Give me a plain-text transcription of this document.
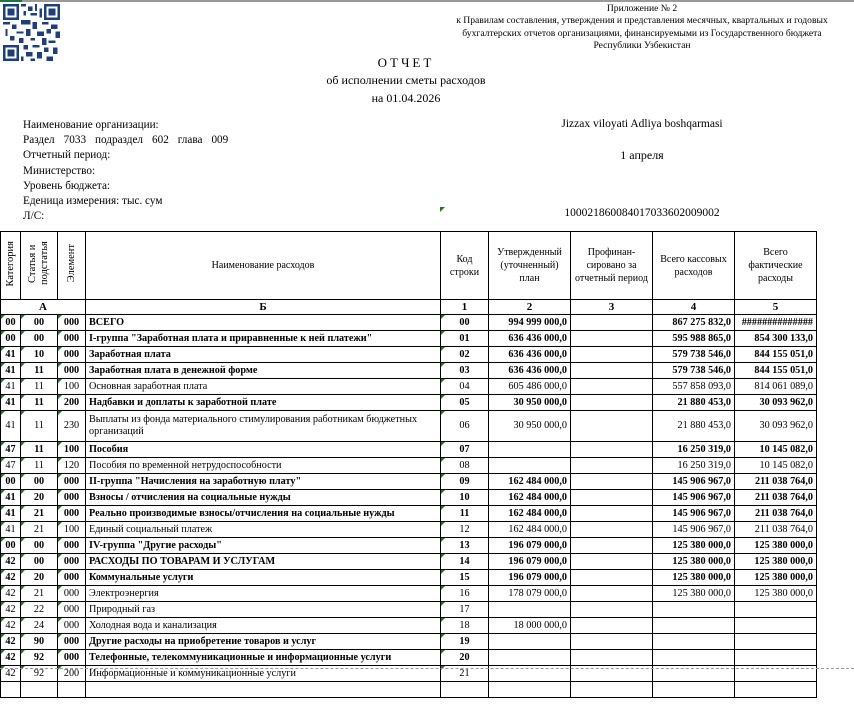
Приложение № 2
к Правилам составления, утверждения и представления месячных, квартальных и годовых
бухгалтерских отчетов организациями, финансируемыми из Государственного бюджета
Республики Узбекистан
ОТЧЕТ
об исполнении сметы расходов
на 01.04.2026
Наименование организации:
Раздел 7033 подраздел 602 глава 009
Отчетный период:
Министерство:
Уровень бюджета:
Еденица измерения: тыс. сум
Л/С:
Jizzax viloyati Adliya boshqarmasi
1 апреля
100021860084017033602009002
Категория	Статья и подстатья	Элемент	Наименование расходов	Код строки	Утвержденный (уточненный) план	Профинан-сировано за отчетный период	Всего кассовых расходов	Всего фактические расходы
А			Б	1	2	3	4	5
00	00	000	ВСЕГО	00	994 999 000,0		867 275 832,0	##############
00	00	000	I-группа "Заработная плата и приравненные к ней платежи"	01	636 436 000,0		595 988 865,0	854 300 133,0
41	10	000	Заработная плата	02	636 436 000,0		579 738 546,0	844 155 051,0
41	11	000	Заработная плата в денежной форме	03	636 436 000,0		579 738 546,0	844 155 051,0
41	11	100	Основная заработная плата	04	605 486 000,0		557 858 093,0	814 061 089,0
41	11	200	Надбавки и доплаты к заработной плате	05	30 950 000,0		21 880 453,0	30 093 962,0
41	11	230	Выплаты из фонда материального стимулирования работникам бюджетных организаций	06	30 950 000,0		21 880 453,0	30 093 962,0
47	11	100	Пособия	07			16 250 319,0	10 145 082,0
47	11	120	Пособия по временной нетрудоспособности	08			16 250 319,0	10 145 082,0
00	00	000	II-группа "Начисления на заработную плату"	09	162 484 000,0		145 906 967,0	211 038 764,0
41	20	000	Взносы / отчисления на социальные нужды	10	162 484 000,0		145 906 967,0	211 038 764,0
41	21	000	Реально производимые взносы/отчисления на социальные нужды	11	162 484 000,0		145 906 967,0	211 038 764,0
41	21	100	Единый социальный платеж	12	162 484 000,0		145 906 967,0	211 038 764,0
00	00	000	IV-группа "Другие расходы"	13	196 079 000,0		125 380 000,0	125 380 000,0
42	00	000	РАСХОДЫ ПО ТОВАРАМ И УСЛУГАМ	14	196 079 000,0		125 380 000,0	125 380 000,0
42	20	000	Коммунальные услуги	15	196 079 000,0		125 380 000,0	125 380 000,0
42	21	000	Электроэнергия	16	178 079 000,0		125 380 000,0	125 380 000,0
42	22	000	Природный газ	17				
42	24	000	Холодная вода и канализация	18	18 000 000,0			
42	90	000	Другие расходы на приобретение товаров и услуг	19				
42	92	000	Телефонные, телекоммуникационные и информационные услуги	20				
42	92	200	Информационные и коммуникационные услуги	21				
